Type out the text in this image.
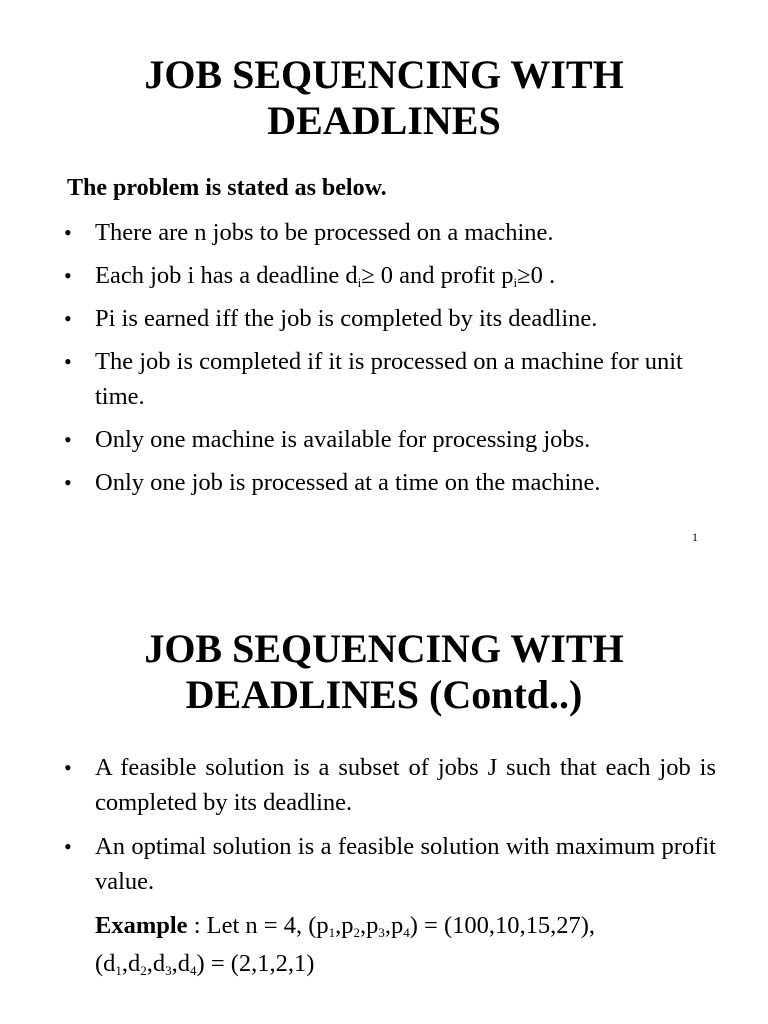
JOB SEQUENCING WITH
DEADLINES

The problem is stated as below.

• There are n jobs to be processed on a machine.
• Each job i has a deadline $d_i\ge 0$ and profit $p_i\ge 0$ .
• Pi is earned iff the job is completed by its deadline.
• The job is completed if it is processed on a machine for unit time.
• Only one machine is available for processing jobs.
• Only one job is processed at a time on the machine.
1
JOB SEQUENCING WITH
DEADLINES (Contd..)
• A feasible solution is a subset of jobs J such that each job is completed by its deadline.
• An optimal solution is a feasible solution with maximum profit value.
Example : Let n = 4, $(p_1,p_2,p_3,p_4) = (100,10,15,27)$,
$(d_1,d_2,d_3,d_4) = (2,1,2,1)$
